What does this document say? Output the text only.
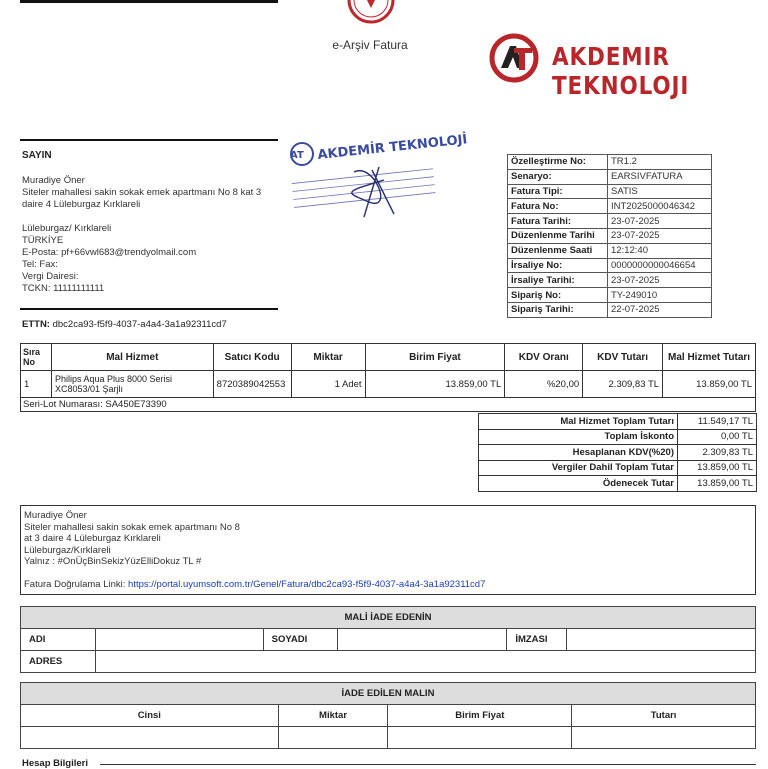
e-Arşiv Fatura	AKDEMIR TEKNOLOJI
SAYIN
Muradiye Öner
Siteler mahallesi sakin sokak emek apartmanı No 8 kat 3
daire 4 Lüleburgaz Kırklareli
Lüleburgaz/ Kırklareli
TÜRKİYE
E-Posta: pf+66vwl683@trendyolmail.com
Tel: Fax:
Vergi Dairesi:
TCKN: 11111111111
AT AKDEMİR TEKNOLOJİ	Özelleştirme No:	TR1.2
Senaryo:	EARSIVFATURA
Fatura Tipi:	SATIS
Fatura No:	INT2025000046342
Fatura Tarihi:	23-07-2025
Düzenlenme Tarihi	23-07-2025
Düzenlenme Saati	12:12:40
İrsaliye No:	0000000000046654
İrsaliye Tarihi:	23-07-2025
Sipariş No:	TY-249010
Sipariş Tarihi:	22-07-2025
ETTN: dbc2ca93-f5f9-4037-a4a4-3a1a92311cd7
Sıra No	Mal Hizmet	Satıcı Kodu	Miktar	Birim Fiyat	KDV Oranı	KDV Tutarı	Mal Hizmet Tutarı
1	Philips Aqua Plus 8000 Serisi XC8053/01 Şarjlı	8720389042553	1 Adet	13.859,00 TL	%20,00	2.309,83 TL	13.859,00 TL
Seri-Lot Numarası: SA450E73390
Mal Hizmet Toplam Tutarı	11.549,17 TL
Toplam İskonto	0,00 TL
Hesaplanan KDV(%20)	2.309,83 TL
Vergiler Dahil Toplam Tutar	13.859,00 TL
Ödenecek Tutar	13.859,00 TL
Muradiye Öner
Siteler mahallesi sakin sokak emek apartmanı No 8
at 3 daire 4 Lüleburgaz Kırklareli
Lüleburgaz/Kırklareli
Yalnız : #OnÜçBinSekizYüzElliDokuz TL #
Fatura Doğrulama Linki: https://portal.uyumsoft.com.tr/Genel/Fatura/dbc2ca93-f5f9-4037-a4a4-3a1a92311cd7
MALİ İADE EDENİN					
ADI		SOYADI		İMZASI	
ADRES					
İADE EDİLEN MALIN			
Cinsi	Miktar	Birim Fiyat	Tutarı

Hesap Bilgileri
